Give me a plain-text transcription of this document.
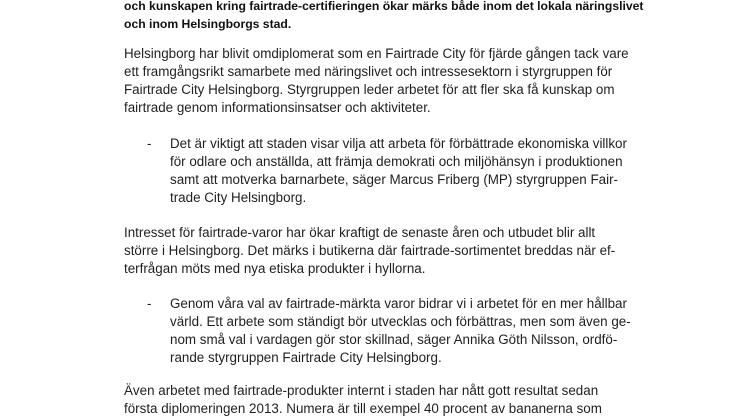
och kunskapen kring fairtrade-certifieringen ökar märks både inom det lokala näringslivet
och inom Helsingborgs stad.

Helsingborg har blivit omdiplomerat som en Fairtrade City för fjärde gången tack vare
ett framgångsrikt samarbete med näringslivet och intressesektorn i styrgruppen för
Fairtrade City Helsingborg. Styrgruppen leder arbetet för att fler ska få kunskap om
fairtrade genom informationsinsatser och aktiviteter.

-	Det är viktigt att staden visar vilja att arbeta för förbättrade ekonomiska villkor
för odlare och anställda, att främja demokrati och miljöhänsyn i produktionen
samt att motverka barnarbete, säger Marcus Friberg (MP) styrgruppen Fair-
trade City Helsingborg.

Intresset för fairtrade-varor har ökar kraftigt de senaste åren och utbudet blir allt
större i Helsingborg. Det märks i butikerna där fairtrade-sortimentet breddas när ef-
terfrågan möts med nya etiska produkter i hyllorna.

-	Genom våra val av fairtrade-märkta varor bidrar vi i arbetet för en mer hållbar
värld. Ett arbete som ständigt bör utvecklas och förbättras, men som även ge-
nom små val i vardagen gör stor skillnad, säger Annika Göth Nilsson, ordfö-
rande styrgruppen Fairtrade City Helsingborg.

Även arbetet med fairtrade-produkter internt i staden har nått gott resultat sedan
första diplomeringen 2013. Numera är till exempel 40 procent av bananerna som
